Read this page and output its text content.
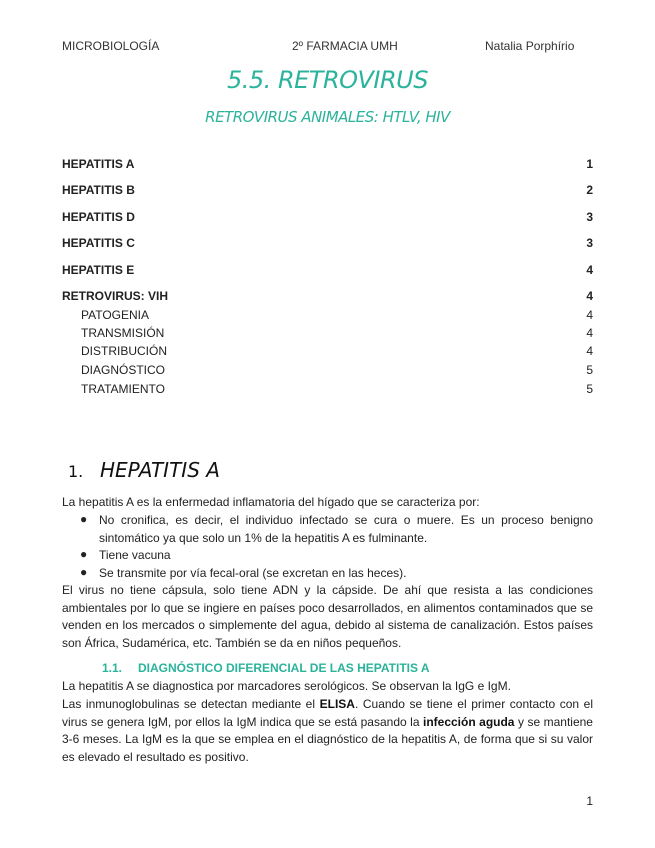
MICROBIOLOGÍA	2º FARMACIA UMH	Natalia Porphírio
5.5. RETROVIRUS
RETROVIRUS ANIMALES: HTLV, HIV
HEPATITIS A	1
HEPATITIS B	2
HEPATITIS D	3
HEPATITIS C	3
HEPATITIS E	4
RETROVIRUS: VIH	4
PATOGENIA	4
TRANSMISIÓN	4
DISTRIBUCIÓN	4
DIAGNÓSTICO	5
TRATAMIENTO	5
1. HEPATITIS A
La hepatitis A es la enfermedad inflamatoria del hígado que se caracteriza por:
● No cronifica, es decir, el individuo infectado se cura o muere. Es un proceso benigno sintomático ya que solo un 1% de la hepatitis A es fulminante.
● Tiene vacuna
● Se transmite por vía fecal-oral (se excretan en las heces).
El virus no tiene cápsula, solo tiene ADN y la cápside. De ahí que resista a las condiciones ambientales por lo que se ingiere en países poco desarrollados, en alimentos contaminados que se venden en los mercados o simplemente del agua, debido al sistema de canalización. Estos países son África, Sudamérica, etc. También se da en niños pequeños.
1.1. DIAGNÓSTICO DIFERENCIAL DE LAS HEPATITIS A
La hepatitis A se diagnostica por marcadores serológicos. Se observan la IgG e IgM.
Las inmunoglobulinas se detectan mediante el ELISA. Cuando se tiene el primer contacto con el virus se genera IgM, por ellos la IgM indica que se está pasando la infección aguda y se mantiene 3-6 meses. La IgM es la que se emplea en el diagnóstico de la hepatitis A, de forma que si su valor es elevado el resultado es positivo.
1
